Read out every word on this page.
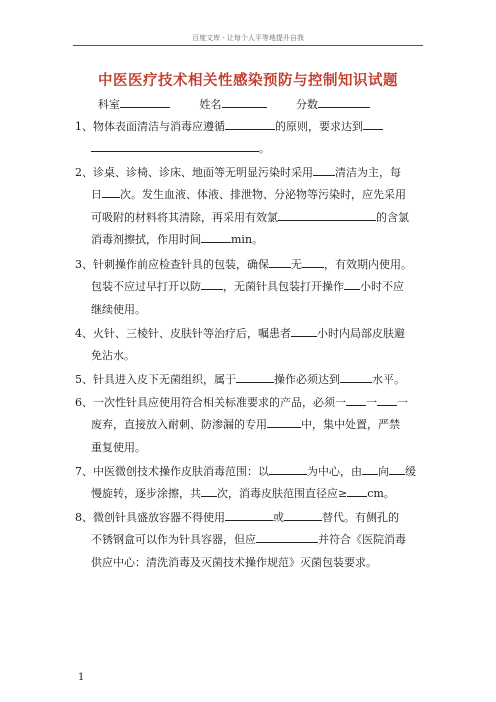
百度文库 - 让每个人平等地提升自我
中医医疗技术相关性感染预防与控制知识试题
科室	姓名	分数
1、物体表面清洁与消毒应遵循	的原则，要求达到
。
2、诊桌、诊椅、诊床、地面等无明显污染时采用 清洁为主，每
日 次。发生血液、体液、排泄物、分泌物等污染时，应先采用
可吸附的材料将其清除，再采用有效氯	的含氯
消毒剂擦拭，作用时间	min。
3、针刺操作前应检查针具的包装，确保 无 ，有效期内使用。
包装不应过早打开以防 ，无菌针具包装打开操作 小时不应
继续使用。
4、火针、三棱针、皮肤针等治疗后，嘱患者 小时内局部皮肤避
免沾水。
5、针具进入皮下无菌组织，属于	操作必须达到	水平。
6、一次性针具应使用符合相关标准要求的产品，必须一 一 一
废弃，直接放入耐刺、防渗漏的专用	中，集中处置，严禁
重复使用。
7、中医微创技术操作皮肤消毒范围：以	为中心，由 向 缓
慢旋转，逐步涂擦，共 次，消毒皮肤范围直径应≥ cm。
8、微创针具盛放容器不得使用	或	替代。有侧孔的
不锈钢盒可以作为针具容器，但应	并符合《医院消毒
供应中心：清洗消毒及灭菌技术操作规范》灭菌包装要求。
1
